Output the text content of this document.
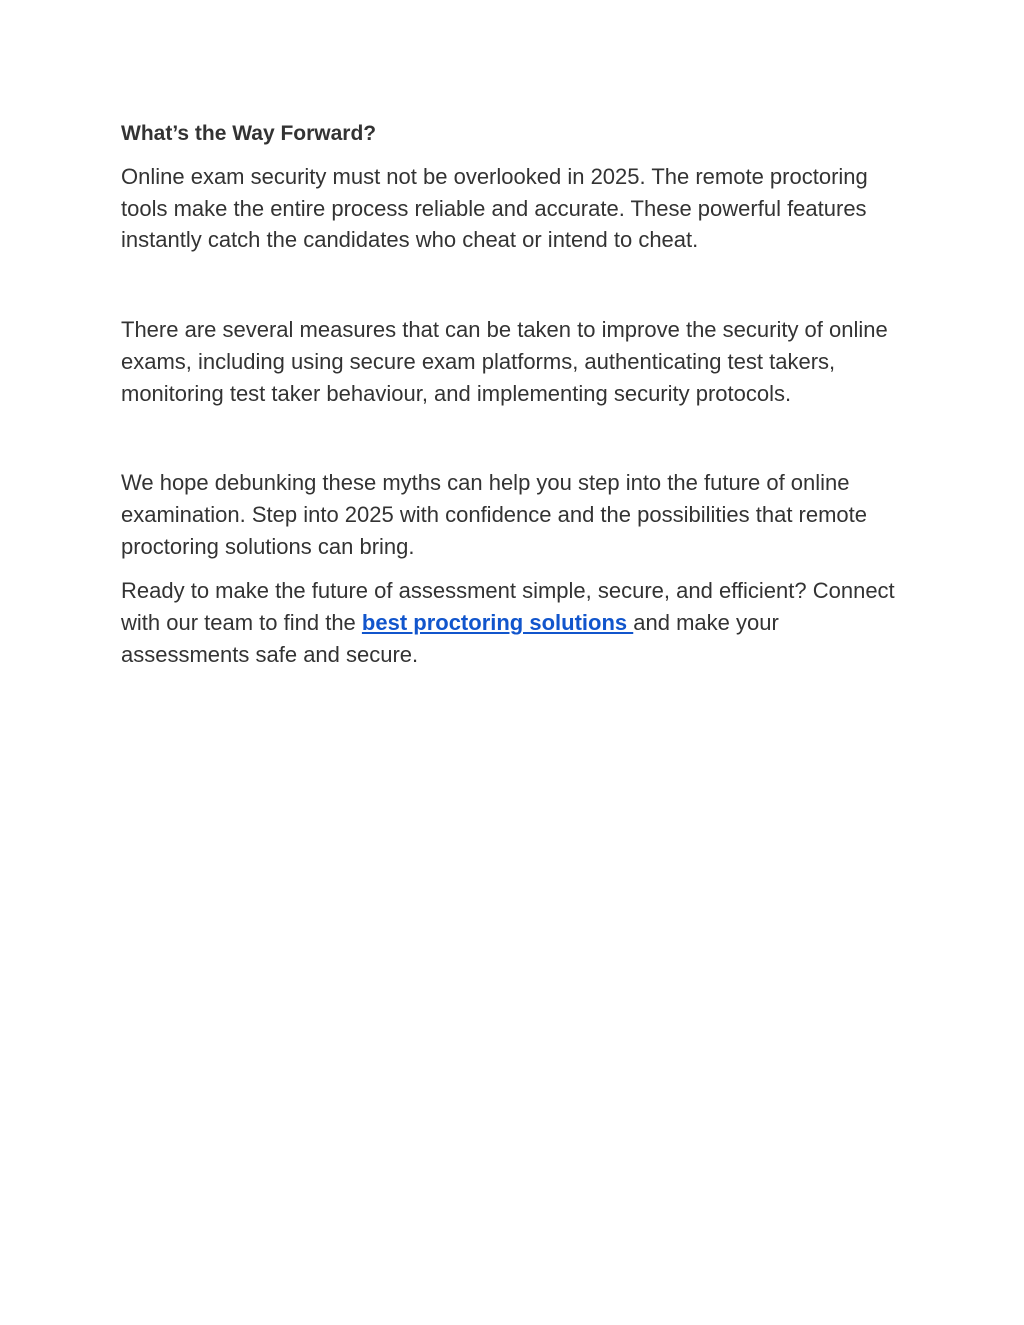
What’s the Way Forward?

Online exam security must not be overlooked in 2025. The remote proctoring tools make the entire process reliable and accurate. These powerful features instantly catch the candidates who cheat or intend to cheat.

There are several measures that can be taken to improve the security of online exams, including using secure exam platforms, authenticating test takers, monitoring test taker behaviour, and implementing security protocols.

We hope debunking these myths can help you step into the future of online examination. Step into 2025 with confidence and the possibilities that remote proctoring solutions can bring.

Ready to make the future of assessment simple, secure, and efficient? Connect with our team to find the best proctoring solutions and make your assessments safe and secure.
